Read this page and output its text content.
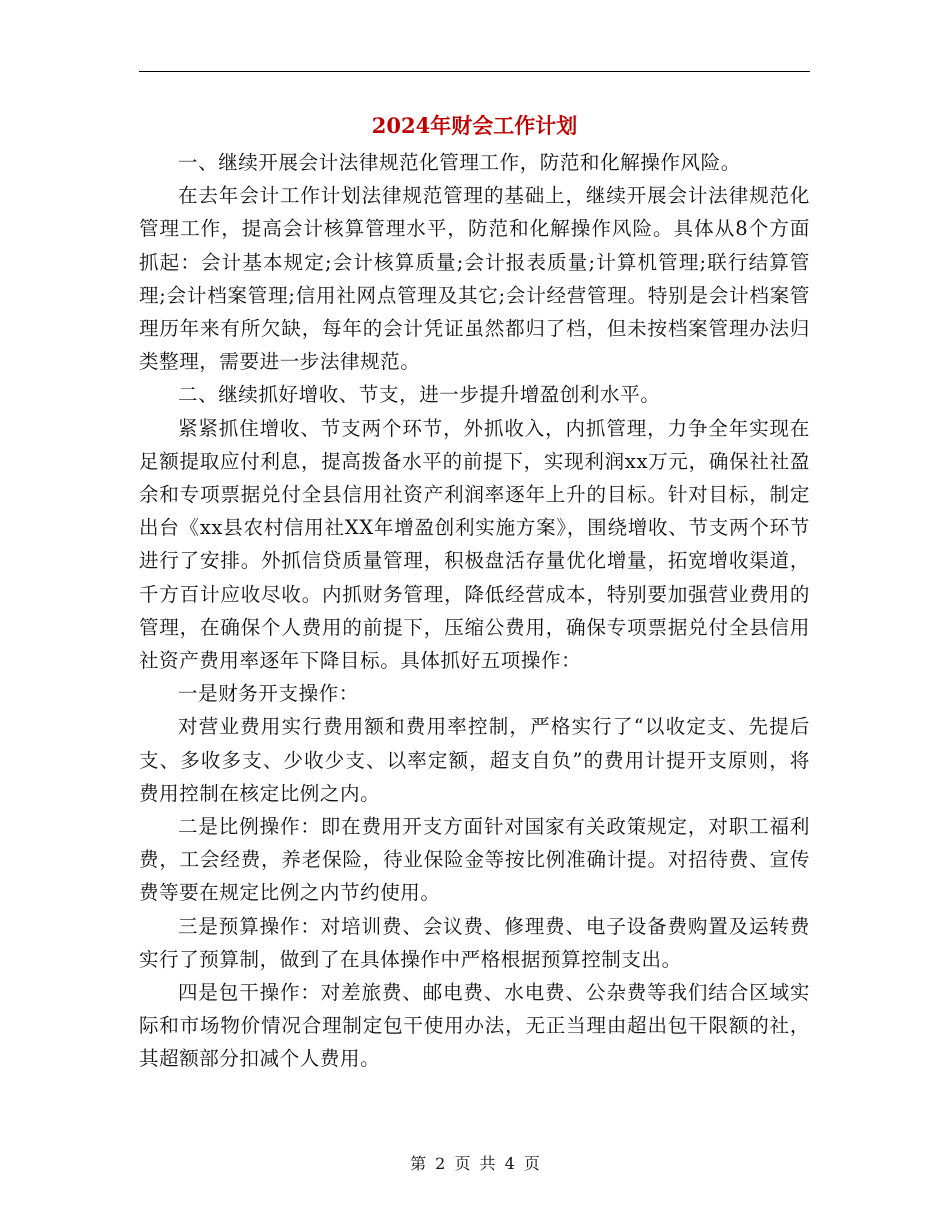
2024年财会工作计划

一、继续开展会计法律规范化管理工作，防范和化解操作风险。

在去年会计工作计划法律规范管理的基础上，继续开展会计法律规范化管理工作，提高会计核算管理水平，防范和化解操作风险。具体从8个方面抓起：会计基本规定;会计核算质量;会计报表质量;计算机管理;联行结算管理;会计档案管理;信用社网点管理及其它;会计经营管理。特别是会计档案管理历年来有所欠缺，每年的会计凭证虽然都归了档，但未按档案管理办法归类整理，需要进一步法律规范。

二、继续抓好增收、节支，进一步提升增盈创利水平。

紧紧抓住增收、节支两个环节，外抓收入，内抓管理，力争全年实现在足额提取应付利息，提高拨备水平的前提下，实现利润xx万元，确保社社盈余和专项票据兑付全县信用社资产利润率逐年上升的目标。针对目标，制定出台《xx县农村信用社XX年增盈创利实施方案》，围绕增收、节支两个环节进行了安排。外抓信贷质量管理，积极盘活存量优化增量，拓宽增收渠道，千方百计应收尽收。内抓财务管理，降低经营成本，特别要加强营业费用的管理，在确保个人费用的前提下，压缩公费用，确保专项票据兑付全县信用社资产费用率逐年下降目标。具体抓好五项操作：

一是财务开支操作：

对营业费用实行费用额和费用率控制，严格实行了“以收定支、先提后支、多收多支、少收少支、以率定额，超支自负”的费用计提开支原则，将费用控制在核定比例之内。

二是比例操作：即在费用开支方面针对国家有关政策规定，对职工福利费，工会经费，养老保险，待业保险金等按比例准确计提。对招待费、宣传费等要在规定比例之内节约使用。

三是预算操作：对培训费、会议费、修理费、电子设备费购置及运转费实行了预算制，做到了在具体操作中严格根据预算控制支出。

四是包干操作：对差旅费、邮电费、水电费、公杂费等我们结合区域实际和市场物价情况合理制定包干使用办法，无正当理由超出包干限额的社，其超额部分扣减个人费用。

第 2 页 共 4 页
